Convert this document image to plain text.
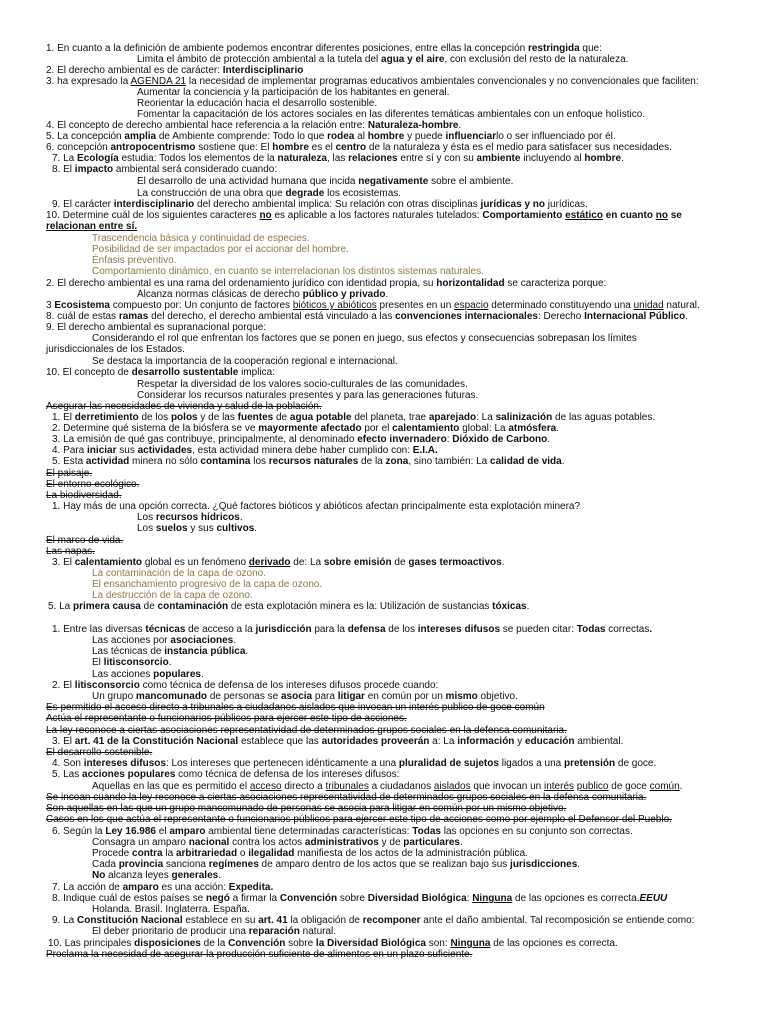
1. En cuanto a la definición de ambiente podemos encontrar diferentes posiciones, entre ellas la concepción restringida que:
Limita el ámbito de protección ambiental a la tutela del agua y el aire, con exclusión del resto de la naturaleza.
2. El derecho ambiental es de carácter: Interdisciplinario
3. ha expresado la AGENDA 21 la necesidad de implementar programas educativos ambientales convencionales y no convencionales que faciliten:
Aumentar la conciencia y la participación de los habitantes en general.
Reorientar la educación hacia el desarrollo sostenible.
Fomentar la capacitación de los actores sociales en las diferentes temáticas ambientales con un enfoque holístico.
4. El concepto de derecho ambiental hace referencia a la relación entre: Naturaleza-hombre.
5. La concepción amplia de Ambiente comprende: Todo lo que rodea al hombre y puede influenciarlo o ser influenciado por él.
6. concepción antropocentrismo sostiene que: El hombre es el centro de la naturaleza y ésta es el medio para satisfacer sus necesidades.
7. La Ecología estudia: Todos los elementos de la naturaleza, las relaciones entre sí y con su ambiente incluyendo al hombre.
8. El impacto ambiental será considerado cuando:
El desarrollo de una actividad humana que incida negativamente sobre el ambiente.
La construcción de una obra que degrade los ecosistemas.
9. El carácter interdisciplinario del derecho ambiental implica: Su relación con otras disciplinas jurídicas y no jurídicas.
10. Determine cuál de los siguientes caracteres no es aplicable a los factores naturales tutelados: Comportamiento estático en cuanto no se
relacionan entre sí.
Trascendencia básica y continuidad de especies.
Posibilidad de ser impactados por el accionar del hombre.
Énfasis preventivo.
Comportamiento dinámico, en cuanto se interrelacionan los distintos sistemas naturales.
2. El derecho ambiental es una rama del ordenamiento jurídico con identidad propia, su horizontalidad se caracteriza porque:
Alcanza normas clásicas de derecho público y privado.
3 Ecosistema compuesto por: Un conjunto de factores bióticos y abióticos presentes en un espacio determinado constituyendo una unidad natural.
8. cuál de estas ramas del derecho, el derecho ambiental está vinculado a las convenciones internacionales: Derecho Internacional Público.
9. El derecho ambiental es supranacional porque:
Considerando el rol que enfrentan los factores que se ponen en juego, sus efectos y consecuencias sobrepasan los límites
jurisdiccionales de los Estados.
Se destaca la importancia de la cooperación regional e internacional.
10. El concepto de desarrollo sustentable implica:
Respetar la diversidad de los valores socio-culturales de las comunidades.
Considerar los recursos naturales presentes y para las generaciones futuras.
Asegurar las necesidades de vivienda y salud de la población.
1. El derretimiento de los polos y de las fuentes de agua potable del planeta, trae aparejado: La salinización de las aguas potables.
2. Determine qué sistema de la biósfera se ve mayormente afectado por el calentamiento global: La atmósfera.
3. La emisión de qué gas contribuye, principalmente, al denominado efecto invernadero: Dióxido de Carbono.
4. Para iniciar sus actividades, esta actividad minera debe haber cumplido con: E.I.A.
5. Esta actividad minera no sólo contamina los recursos naturales de la zona, sino también: La calidad de vida.
El paisaje.
El entorno ecológico.
La biodiversidad.
1. Hay más de una opción correcta. ¿Qué factores bióticos y abióticos afectan principalmente esta explotación minera?
Los recursos hídricos.
Los suelos y sus cultivos.
El marco de vida.
Las napas.
3. El calentamiento global es un fenómeno derivado de: La sobre emisión de gases termoactivos.
La contaminación de la capa de ozono.
El ensanchamiento progresivo de la capa de ozono.
La destrucción de la capa de ozono.
5. La primera causa de contaminación de esta explotación minera es la: Utilización de sustancias tóxicas.
1. Entre las diversas técnicas de acceso a la jurisdicción para la defensa de los intereses difusos se pueden citar: Todas correctas.
Las acciones por asociaciones.
Las técnicas de instancia pública.
El litisconsorcio.
Las acciones populares.
2. El litisconsorcio como técnica de defensa de los intereses difusos procede cuando:
Un grupo mancomunado de personas se asocia para litigar en común por un mismo objetivo.
Es permitido el acceso directo a tribunales a ciudadanos aislados que invocan un interés publico de goce común
Actúa el representante o funcionarios públicos para ejercer este tipo de acciones.
La ley reconoce a ciertas asociaciones representatividad de determinados grupos sociales en la defensa comunitaria.
3. El art. 41 de la Constitución Nacional establece que las autoridades proveerán a: La información y educación ambiental.
El desarrollo sostenible.
4. Son intereses difusos: Los intereses que pertenecen idénticamente a una pluralidad de sujetos ligados a una pretensión de goce.
5. Las acciones populares como técnica de defensa de los intereses difusos:
Aquellas en las que es permitido el acceso directo a tribunales a ciudadanos aislados que invocan un interés publico de goce común.
Se incoan cuando la ley reconoce a ciertas asociaciones representatividad de determinados grupos sociales en la defensa comunitaria.
Son aquellas en las que un grupo mancomunado de personas se asocia para litigar en común por un mismo objetivo.
Casos en los que actúa el representante o funcionarios públicos para ejercer este tipo de acciones como por ejemplo el Defensor del Pueblo.
6. Según la Ley 16.986 el amparo ambiental tiene determinadas características: Todas las opciones en su conjunto son correctas.
Consagra un amparo nacional contra los actos administrativos y de particulares.
Procede contra la arbitrariedad o ilegalidad manifiesta de los actos de la administración pública.
Cada provincia sanciona regímenes de amparo dentro de los actos que se realizan bajo sus jurisdicciones.
No alcanza leyes generales.
7. La acción de amparo es una acción: Expedita.
8. Indique cuál de estos países se negó a firmar la Convención sobre Diversidad Biológica: Ninguna de las opciones es correcta.EEUU
Holanda. Brasil. Inglaterra. España.
9. La Constitución Nacional establece en su art. 41 la obligación de recomponer ante el daño ambiental. Tal recomposición se entiende como:
El deber prioritario de producir una reparación natural.
10. Las principales disposiciones de la Convención sobre la Diversidad Biológica son: Ninguna de las opciones es correcta.
Proclama la necesidad de asegurar la producción suficiente de alimentos en un plazo suficiente.
